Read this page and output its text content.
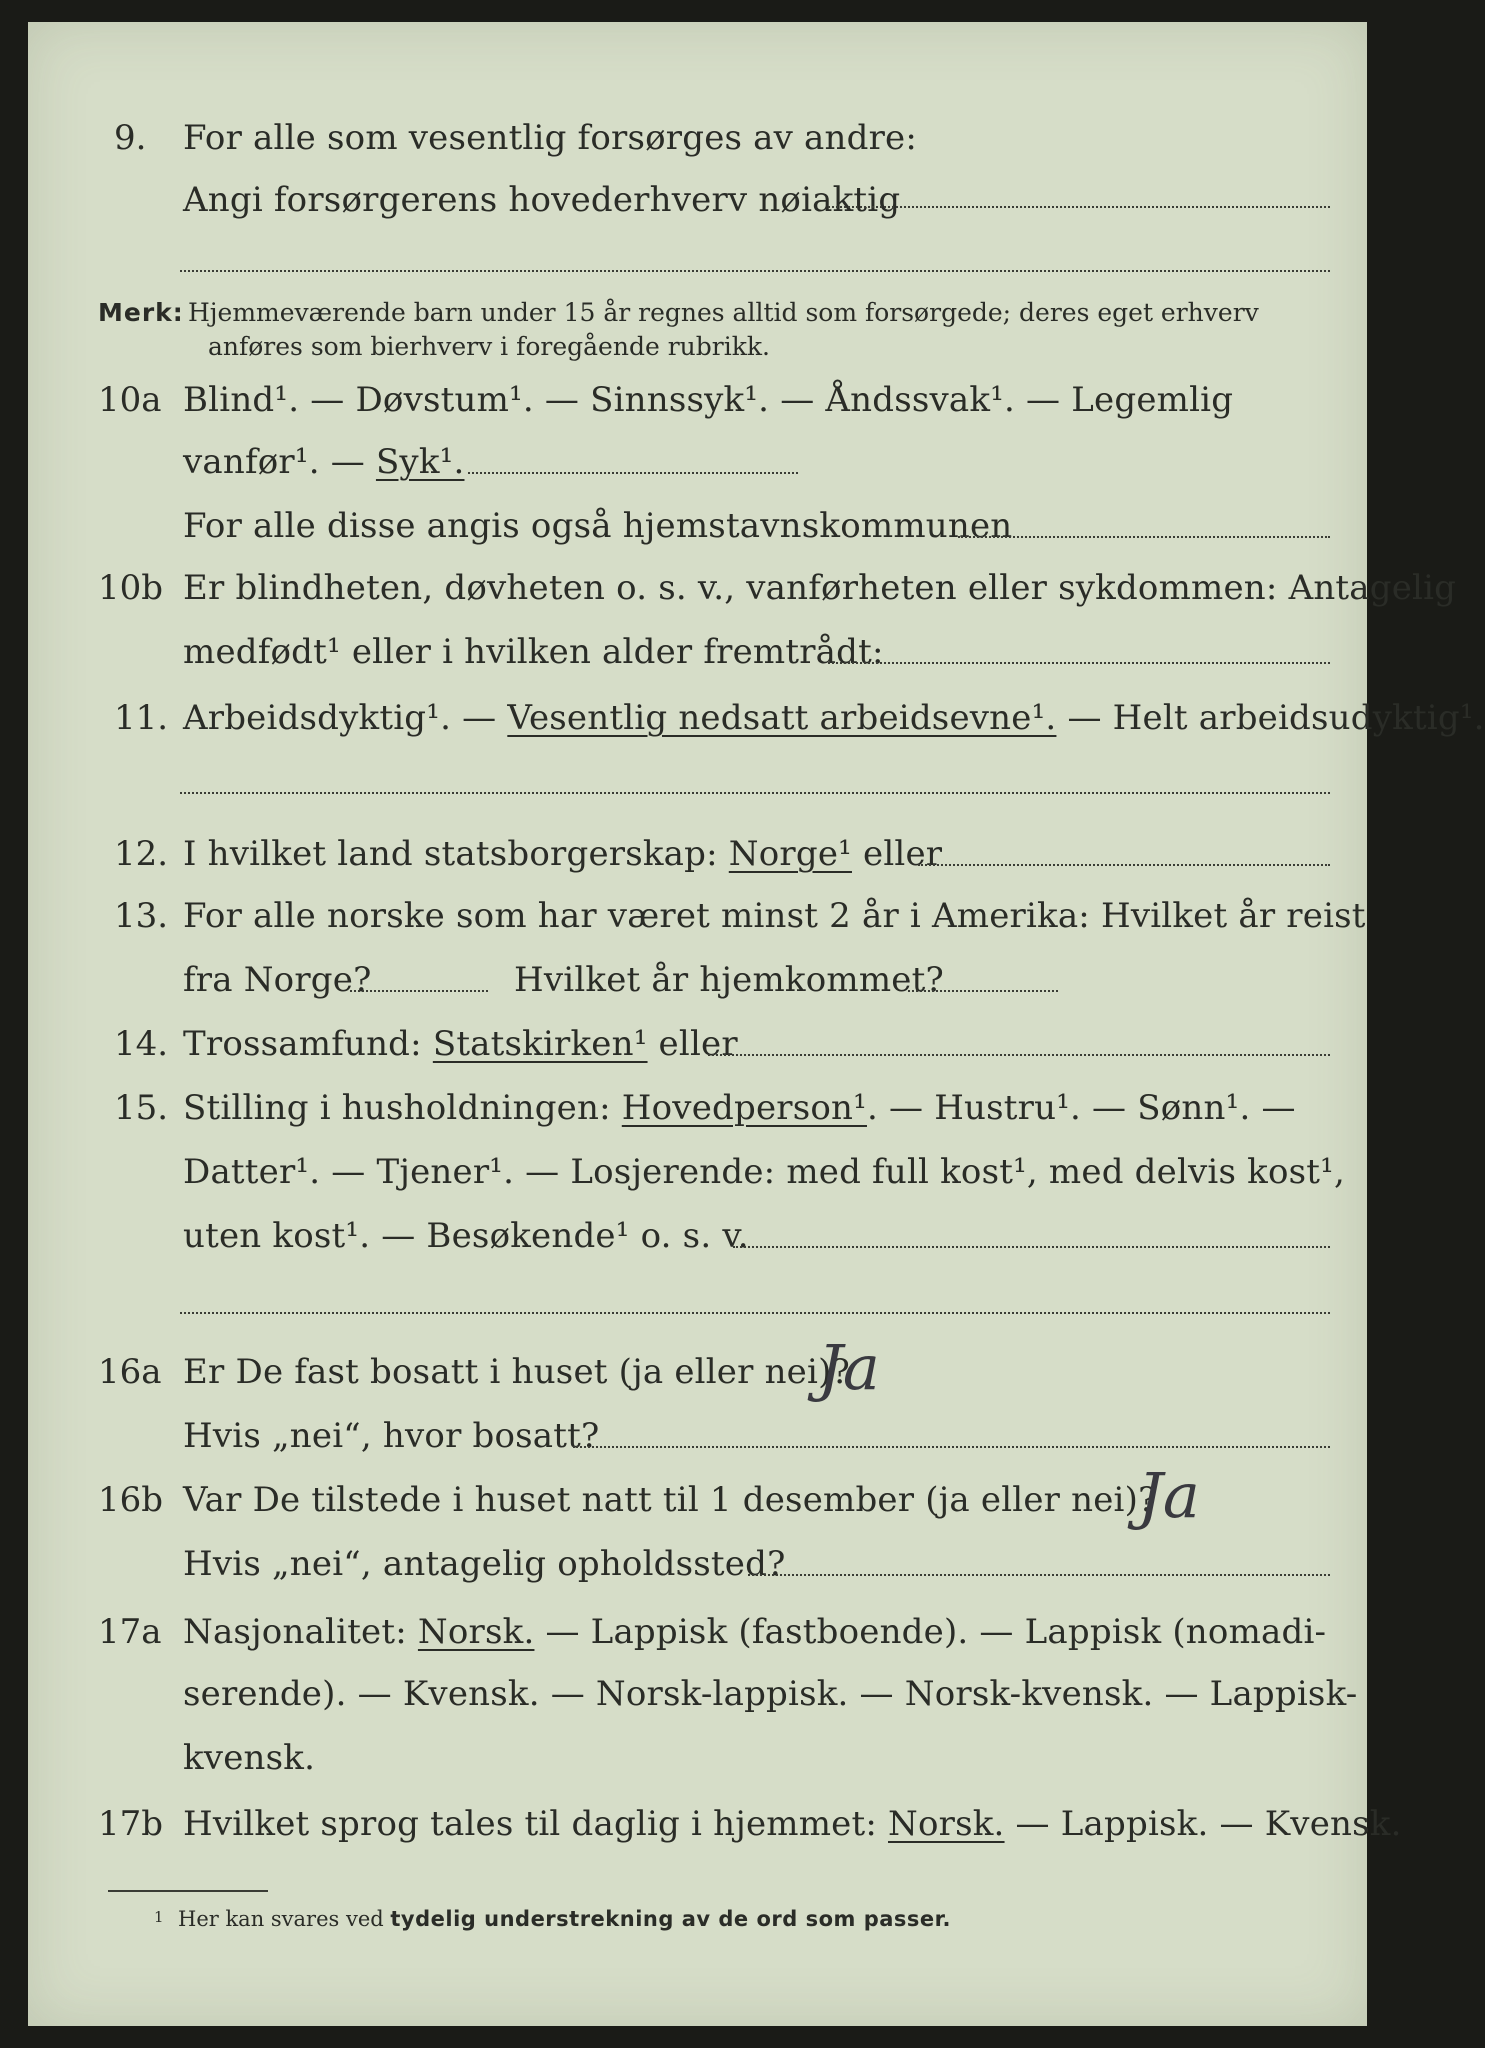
9. For alle som vesentlig forsørges av andre:
Angi forsørgerens hovederhverv nøiaktig
Merk: Hjemmeværende barn under 15 år regnes alltid som forsørgede; deres eget erhverv
anføres som bierhverv i foregående rubrikk.
10a Blind¹. — Døvstum¹. — Sinnssyk¹. — Åndssvak¹. — Legemlig
vanfør¹. — Syk¹.
For alle disse angis også hjemstavnskommunen
10b Er blindheten, døvheten o. s. v., vanførheten eller sykdommen: Antagelig
medfødt¹ eller i hvilken alder fremtrådt:
11. Arbeidsdyktig¹. — Vesentlig nedsatt arbeidsevne¹. — Helt arbeidsudyktig¹.
12. I hvilket land statsborgerskap: Norge¹ eller
13. For alle norske som har været minst 2 år i Amerika: Hvilket år reist
fra Norge?	Hvilket år hjemkommet?
14. Trossamfund: Statskirken¹ eller
15. Stilling i husholdningen: Hovedperson¹. — Hustru¹. — Sønn¹. —
Datter¹. — Tjener¹. — Losjerende: med full kost¹, med delvis kost¹,
uten kost¹. — Besøkende¹ o. s. v.
16a Er De fast bosatt i huset (ja eller nei)?
Ja
Hvis „nei“, hvor bosatt?
16b Var De tilstede i huset natt til 1 desember (ja eller nei)?
Ja
Hvis „nei“, antagelig opholdssted?
17a Nasjonalitet: Norsk. — Lappisk (fastboende). — Lappisk (nomadi-
serende). — Kvensk. — Norsk-lappisk. — Norsk-kvensk. — Lappisk-
kvensk.
17b Hvilket sprog tales til daglig i hjemmet: Norsk. — Lappisk. — Kvensk.
1 Her kan svares ved tydelig understrekning av de ord som passer.
